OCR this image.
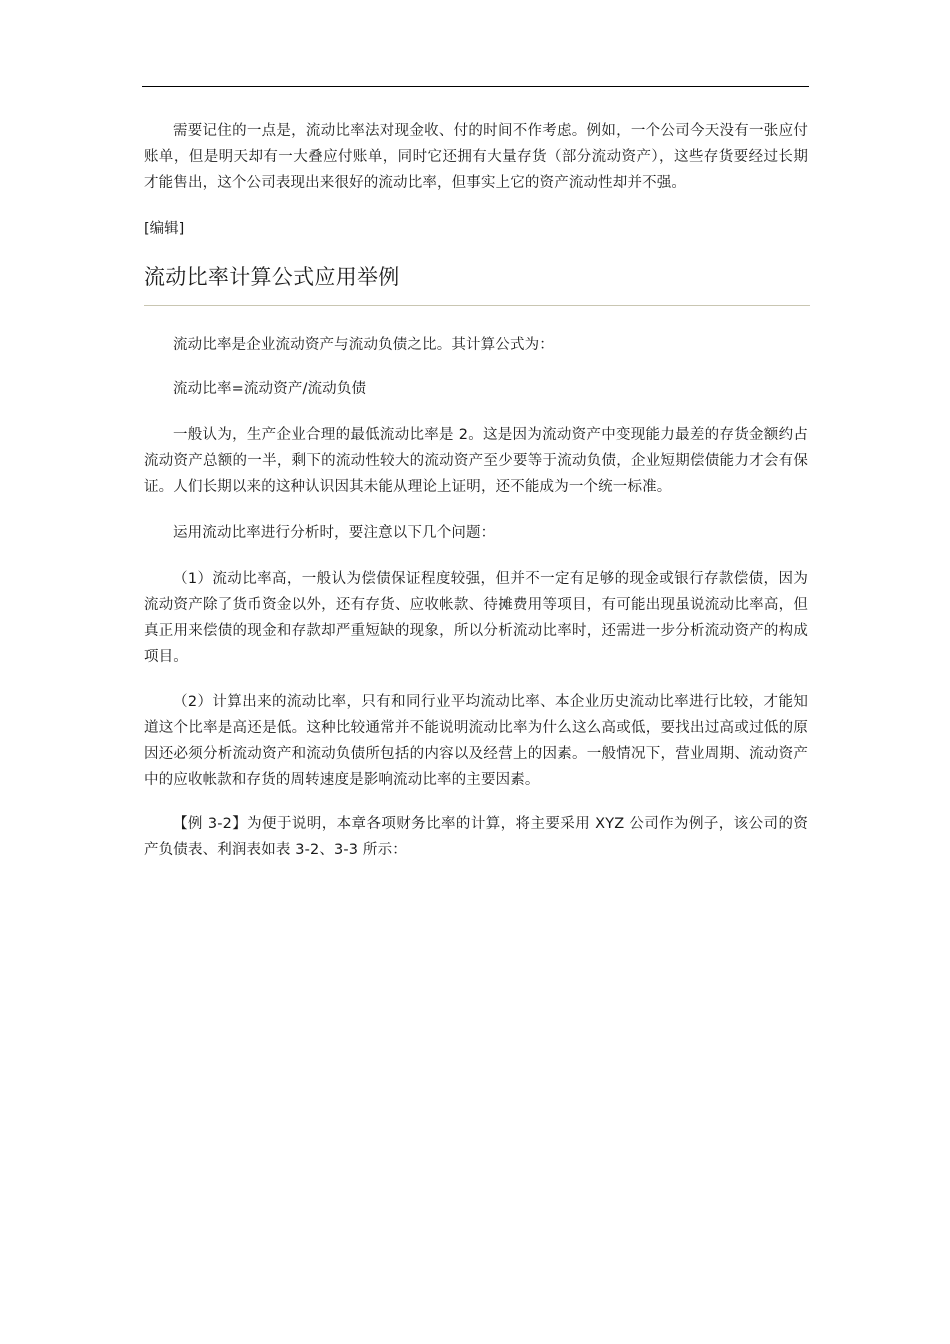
需要记住的一点是，流动比率法对现金收、付的时间不作考虑。例如，一个公司今天没有一张应付账单，但是明天却有一大叠应付账单，同时它还拥有大量存货（部分流动资产），这些存货要经过长期才能售出，这个公司表现出来很好的流动比率，但事实上它的资产流动性却并不强。

[编辑]

流动比率计算公式应用举例

流动比率是企业流动资产与流动负债之比。其计算公式为：

流动比率=流动资产/流动负债

一般认为，生产企业合理的最低流动比率是 2。这是因为流动资产中变现能力最差的存货金额约占流动资产总额的一半，剩下的流动性较大的流动资产至少要等于流动负债，企业短期偿债能力才会有保证。人们长期以来的这种认识因其未能从理论上证明，还不能成为一个统一标准。

运用流动比率进行分析时，要注意以下几个问题：

（1）流动比率高，一般认为偿债保证程度较强，但并不一定有足够的现金或银行存款偿债，因为流动资产除了货币资金以外，还有存货、应收帐款、待摊费用等项目，有可能出现虽说流动比率高，但真正用来偿债的现金和存款却严重短缺的现象，所以分析流动比率时，还需进一步分析流动资产的构成项目。

（2）计算出来的流动比率，只有和同行业平均流动比率、本企业历史流动比率进行比较，才能知道这个比率是高还是低。这种比较通常并不能说明流动比率为什么这么高或低，要找出过高或过低的原因还必须分析流动资产和流动负债所包括的内容以及经营上的因素。一般情况下，营业周期、流动资产中的应收帐款和存货的周转速度是影响流动比率的主要因素。

【例 3-2】为便于说明，本章各项财务比率的计算，将主要采用 XYZ 公司作为例子，该公司的资产负债表、利润表如表 3-2、3-3 所示：
